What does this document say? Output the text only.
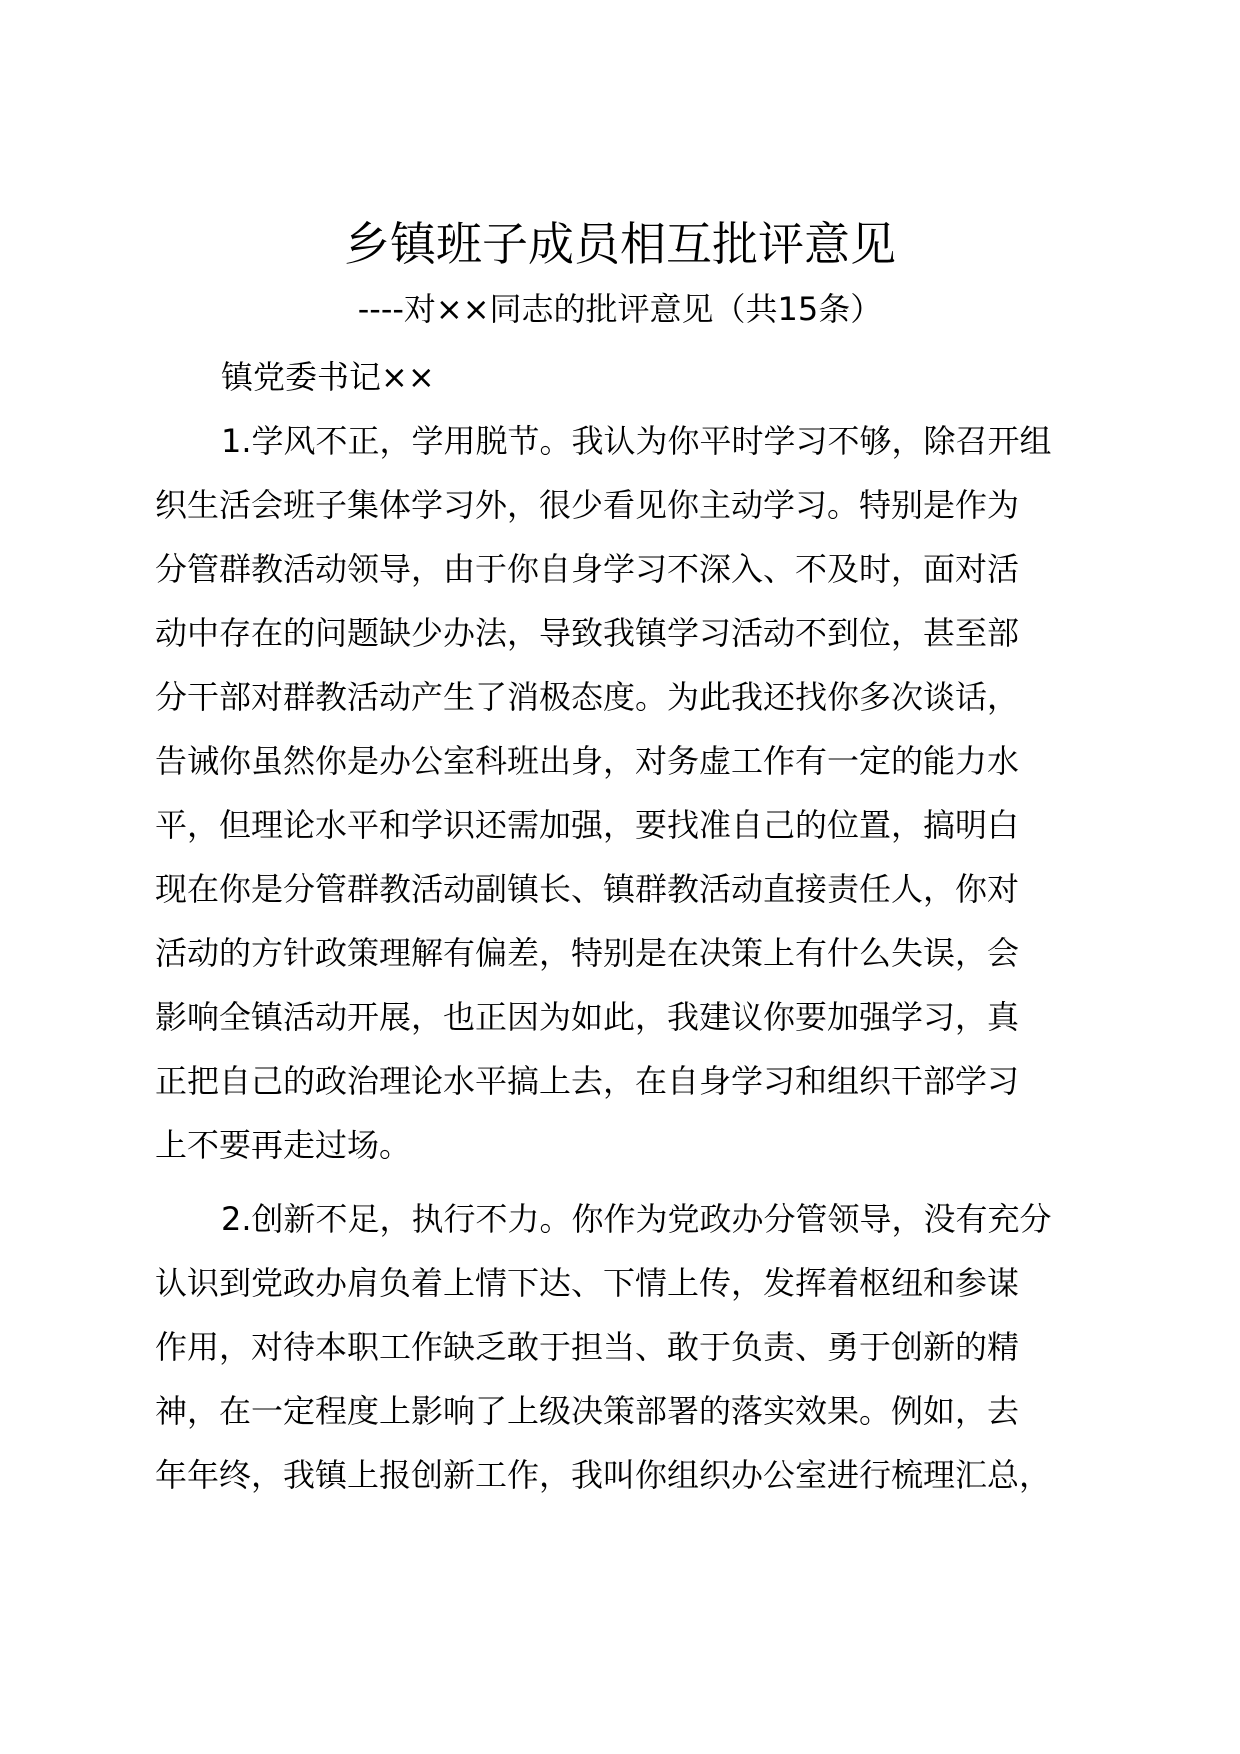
乡镇班子成员相互批评意见
----对××同志的批评意见（共15条）
镇党委书记××
1.学风不正，学用脱节。我认为你平时学习不够，除召开组
织生活会班子集体学习外，很少看见你主动学习。特别是作为
分管群教活动领导，由于你自身学习不深入、不及时，面对活
动中存在的问题缺少办法，导致我镇学习活动不到位，甚至部
分干部对群教活动产生了消极态度。为此我还找你多次谈话，
告诫你虽然你是办公室科班出身，对务虚工作有一定的能力水
平，但理论水平和学识还需加强，要找准自己的位置，搞明白
现在你是分管群教活动副镇长、镇群教活动直接责任人，你对
活动的方针政策理解有偏差，特别是在决策上有什么失误，会
影响全镇活动开展，也正因为如此，我建议你要加强学习，真
正把自己的政治理论水平搞上去，在自身学习和组织干部学习
上不要再走过场。
2.创新不足，执行不力。你作为党政办分管领导，没有充分
认识到党政办肩负着上情下达、下情上传，发挥着枢纽和参谋
作用，对待本职工作缺乏敢于担当、敢于负责、勇于创新的精
神，在一定程度上影响了上级决策部署的落实效果。例如，去
年年终，我镇上报创新工作，我叫你组织办公室进行梳理汇总，
